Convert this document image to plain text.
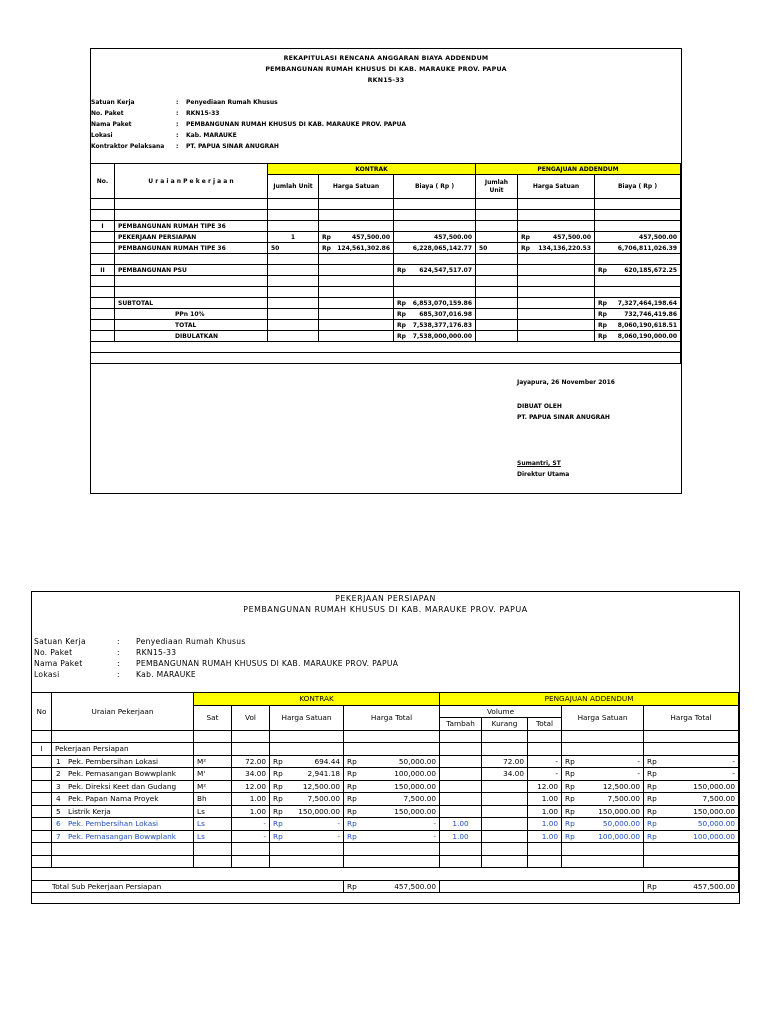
REKAPITULASI RENCANA ANGGARAN BIAYA ADDENDUM
PEMBANGUNAN RUMAH KHUSUS DI KAB. MARAUKE PROV. PAPUA
RKN15-33
Satuan Kerja	: Penyediaan Rumah Khusus
No. Paket	: RKN15-33
Nama Paket	: PEMBANGUNAN RUMAH KHUSUS DI KAB. MARAUKE PROV. PAPUA
Lokasi	: Kab. MARAUKE
Kontraktor Pelaksana : PT. PAPUA SINAR ANUGRAH
No.	U r a i a n P e k e r j a a n	KONTRAK			PENGAJUAN ADDENDUM		
		Jumlah Unit	Harga Satuan	Biaya ( Rp )	Jumlah Unit	Harga Satuan	Biaya ( Rp )

I	PEMBANGUNAN RUMAH TIPE 36						
	PEKERJAAN PERSIAPAN	1	Rp 457,500.00	457,500.00		Rp 457,500.00	457,500.00
	PEMBANGUNAN RUMAH TIPE 36	50	Rp 124,561,302.86	6,228,065,142.77	50	Rp 134,136,220.53	6,706,811,026.39

II	PEMBANGUNAN PSU			Rp 624,547,517.07			Rp 620,185,672.25

	SUBTOTAL			Rp 6,853,070,159.86			Rp 7,327,464,198.64
	PPn 10%			Rp 685,307,016.98			Rp 732,746,419.86
	TOTAL			Rp 7,538,377,176.83			Rp 8,060,190,618.51
	DIBULATKAN			Rp 7,538,000,000.00			Rp 8,060,190,000.00

Jayapura, 26 November 2016
DIBUAT OLEH
PT. PAPUA SINAR ANUGRAH
Sumantri, ST
Direktur Utama
PEKERJAAN PERSIAPAN
PEMBANGUNAN RUMAH KHUSUS DI KAB. MARAUKE PROV. PAPUA
Satuan Kerja	: Penyediaan Rumah Khusus
No. Paket	: RKN15-33
Nama Paket	: PEMBANGUNAN RUMAH KHUSUS DI KAB. MARAUKE PROV. PAPUA
Lokasi	: Kab. MARAUKE
No	Uraian Pekerjaan	KONTRAK				PENGAJUAN ADDENDUM				
		Sat	Vol	Harga Satuan	Harga Total	Volume			Harga Satuan	Harga Total
						Tambah	Kurang	Total		

I	Pekerjaan Persiapan									
	1 Pek. Pembersihan Lokasi	M²	72.00	Rp 694.44	Rp 50,000.00		72.00	-	Rp -	Rp -
	2 Pek. Pemasangan Bowwplank	M'	34.00	Rp 2,941.18	Rp 100,000.00		34.00	-	Rp -	Rp -
	3 Pek. Direksi Keet dan Gudang	M²	12.00	Rp 12,500.00	Rp 150,000.00			12.00	Rp 12,500.00	Rp 150,000.00
	4 Pek. Papan Nama Proyek	Bh	1.00	Rp 7,500.00	Rp 7,500.00			1.00	Rp 7,500.00	Rp 7,500.00
	5 Listrik Kerja	Ls	1.00	Rp 150,000.00	Rp 150,000.00			1.00	Rp 150,000.00	Rp 150,000.00
	6 Pek. Pembersihan Lokasi	Ls	-	Rp -	Rp -	1.00		1.00	Rp 50,000.00	Rp 50,000.00
	7 Pek. Pemasangan Bowwplank	Ls	-	Rp -	Rp -	1.00		1.00	Rp 100,000.00	Rp 100,000.00

Total Sub Pekerjaan Persiapan					Rp 457,500.00					Rp 457,500.00
